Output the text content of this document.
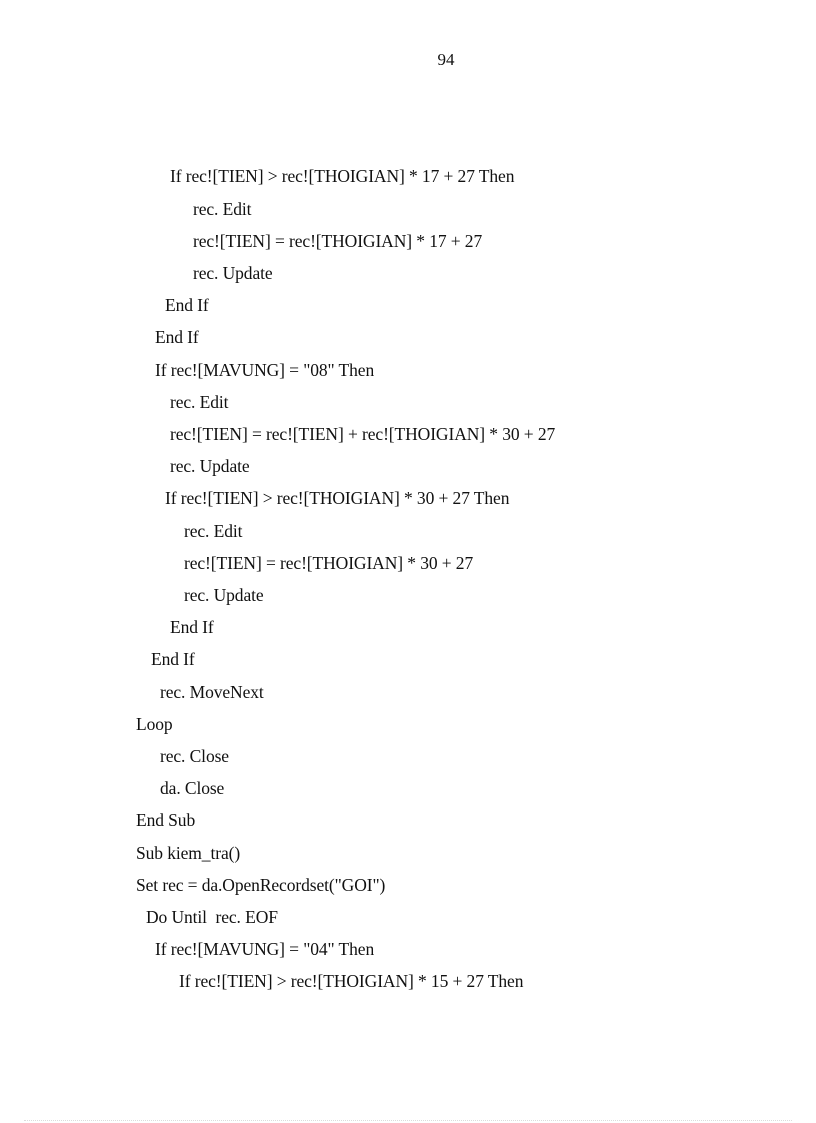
94
If rec![TIEN] > rec![THOIGIAN] * 17 + 27 Then
rec. Edit
rec![TIEN] = rec![THOIGIAN] * 17 + 27
rec. Update
End If
End If
If rec![MAVUNG] = "08" Then
rec. Edit
rec![TIEN] = rec![TIEN] + rec![THOIGIAN] * 30 + 27
rec. Update
If rec![TIEN] > rec![THOIGIAN] * 30 + 27 Then
rec. Edit
rec![TIEN] = rec![THOIGIAN] * 30 + 27
rec. Update
End If
End If
rec. MoveNext
Loop
rec. Close
da. Close
End Sub
Sub kiem_tra()
Set rec = da.OpenRecordset("GOI")
Do Until  rec. EOF
If rec![MAVUNG] = "04" Then
If rec![TIEN] > rec![THOIGIAN] * 15 + 27 Then
